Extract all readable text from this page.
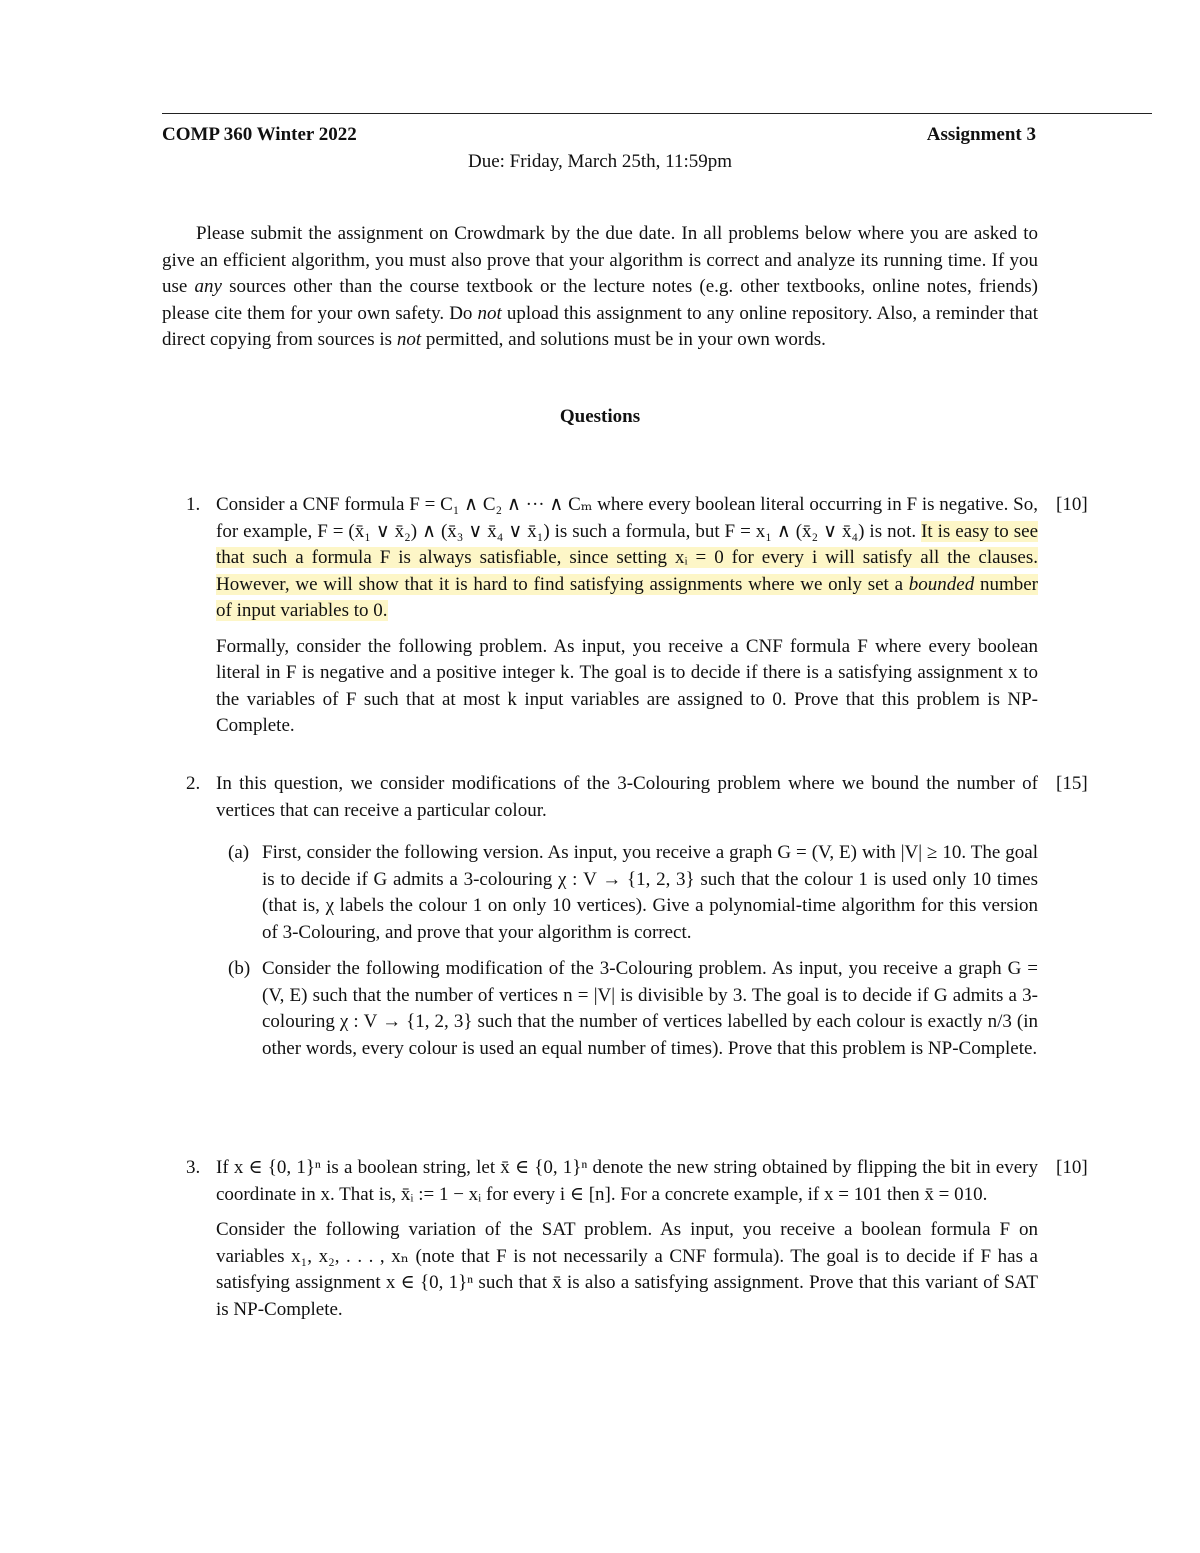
COMP 360 Winter 2022	Assignment 3
Due: Friday, March 25th, 11:59pm
Please submit the assignment on Crowdmark by the due date. In all problems below where you are asked to give an efficient algorithm, you must also prove that your algorithm is correct and analyze its running time. If you use any sources other than the course textbook or the lecture notes (e.g. other textbooks, online notes, friends) please cite them for your own safety. Do not upload this assignment to any online repository. Also, a reminder that direct copying from sources is not permitted, and solutions must be in your own words.
Questions
1.	[10]

Consider a CNF formula F = C₁ ∧ C₂ ∧ ··· ∧ Cₘ where every boolean literal occurring in F is negative. So, for example, F = (x̄₁ ∨ x̄₂) ∧ (x̄₃ ∨ x̄₄ ∨ x̄₁) is such a formula, but F = x₁ ∧ (x̄₂ ∨ x̄₄) is not. It is easy to see that such a formula F is always satisfiable, since setting xᵢ = 0 for every i will satisfy all the clauses. However, we will show that it is hard to find satisfying assignments where we only set a bounded number of input variables to 0.

Formally, consider the following problem. As input, you receive a CNF formula F where every boolean literal in F is negative and a positive integer k. The goal is to decide if there is a satisfying assignment x to the variables of F such that at most k input variables are assigned to 0. Prove that this problem is NP-Complete.

2.	[15]

In this question, we consider modifications of the 3-Colouring problem where we bound the number of vertices that can receive a particular colour.

(a) First, consider the following version. As input, you receive a graph G = (V, E) with |V| ≥ 10. The goal is to decide if G admits a 3-colouring χ : V → {1, 2, 3} such that the colour 1 is used only 10 times (that is, χ labels the colour 1 on only 10 vertices). Give a polynomial-time algorithm for this version of 3-Colouring, and prove that your algorithm is correct.
(b) Consider the following modification of the 3-Colouring problem. As input, you receive a graph G = (V, E) such that the number of vertices n = |V| is divisible by 3. The goal is to decide if G admits a 3-colouring χ : V → {1, 2, 3} such that the number of vertices labelled by each colour is exactly n/3 (in other words, every colour is used an equal number of times). Prove that this problem is NP-Complete.
3.	[10]

If x ∈ {0, 1}ⁿ is a boolean string, let x̄ ∈ {0, 1}ⁿ denote the new string obtained by flipping the bit in every coordinate in x. That is, x̄ᵢ := 1 − xᵢ for every i ∈ [n]. For a concrete example, if x = 101 then x̄ = 010.

Consider the following variation of the SAT problem. As input, you receive a boolean formula F on variables x₁, x₂, . . . , xₙ (note that F is not necessarily a CNF formula). The goal is to decide if F has a satisfying assignment x ∈ {0, 1}ⁿ such that x̄ is also a satisfying assignment. Prove that this variant of SAT is NP-Complete.
